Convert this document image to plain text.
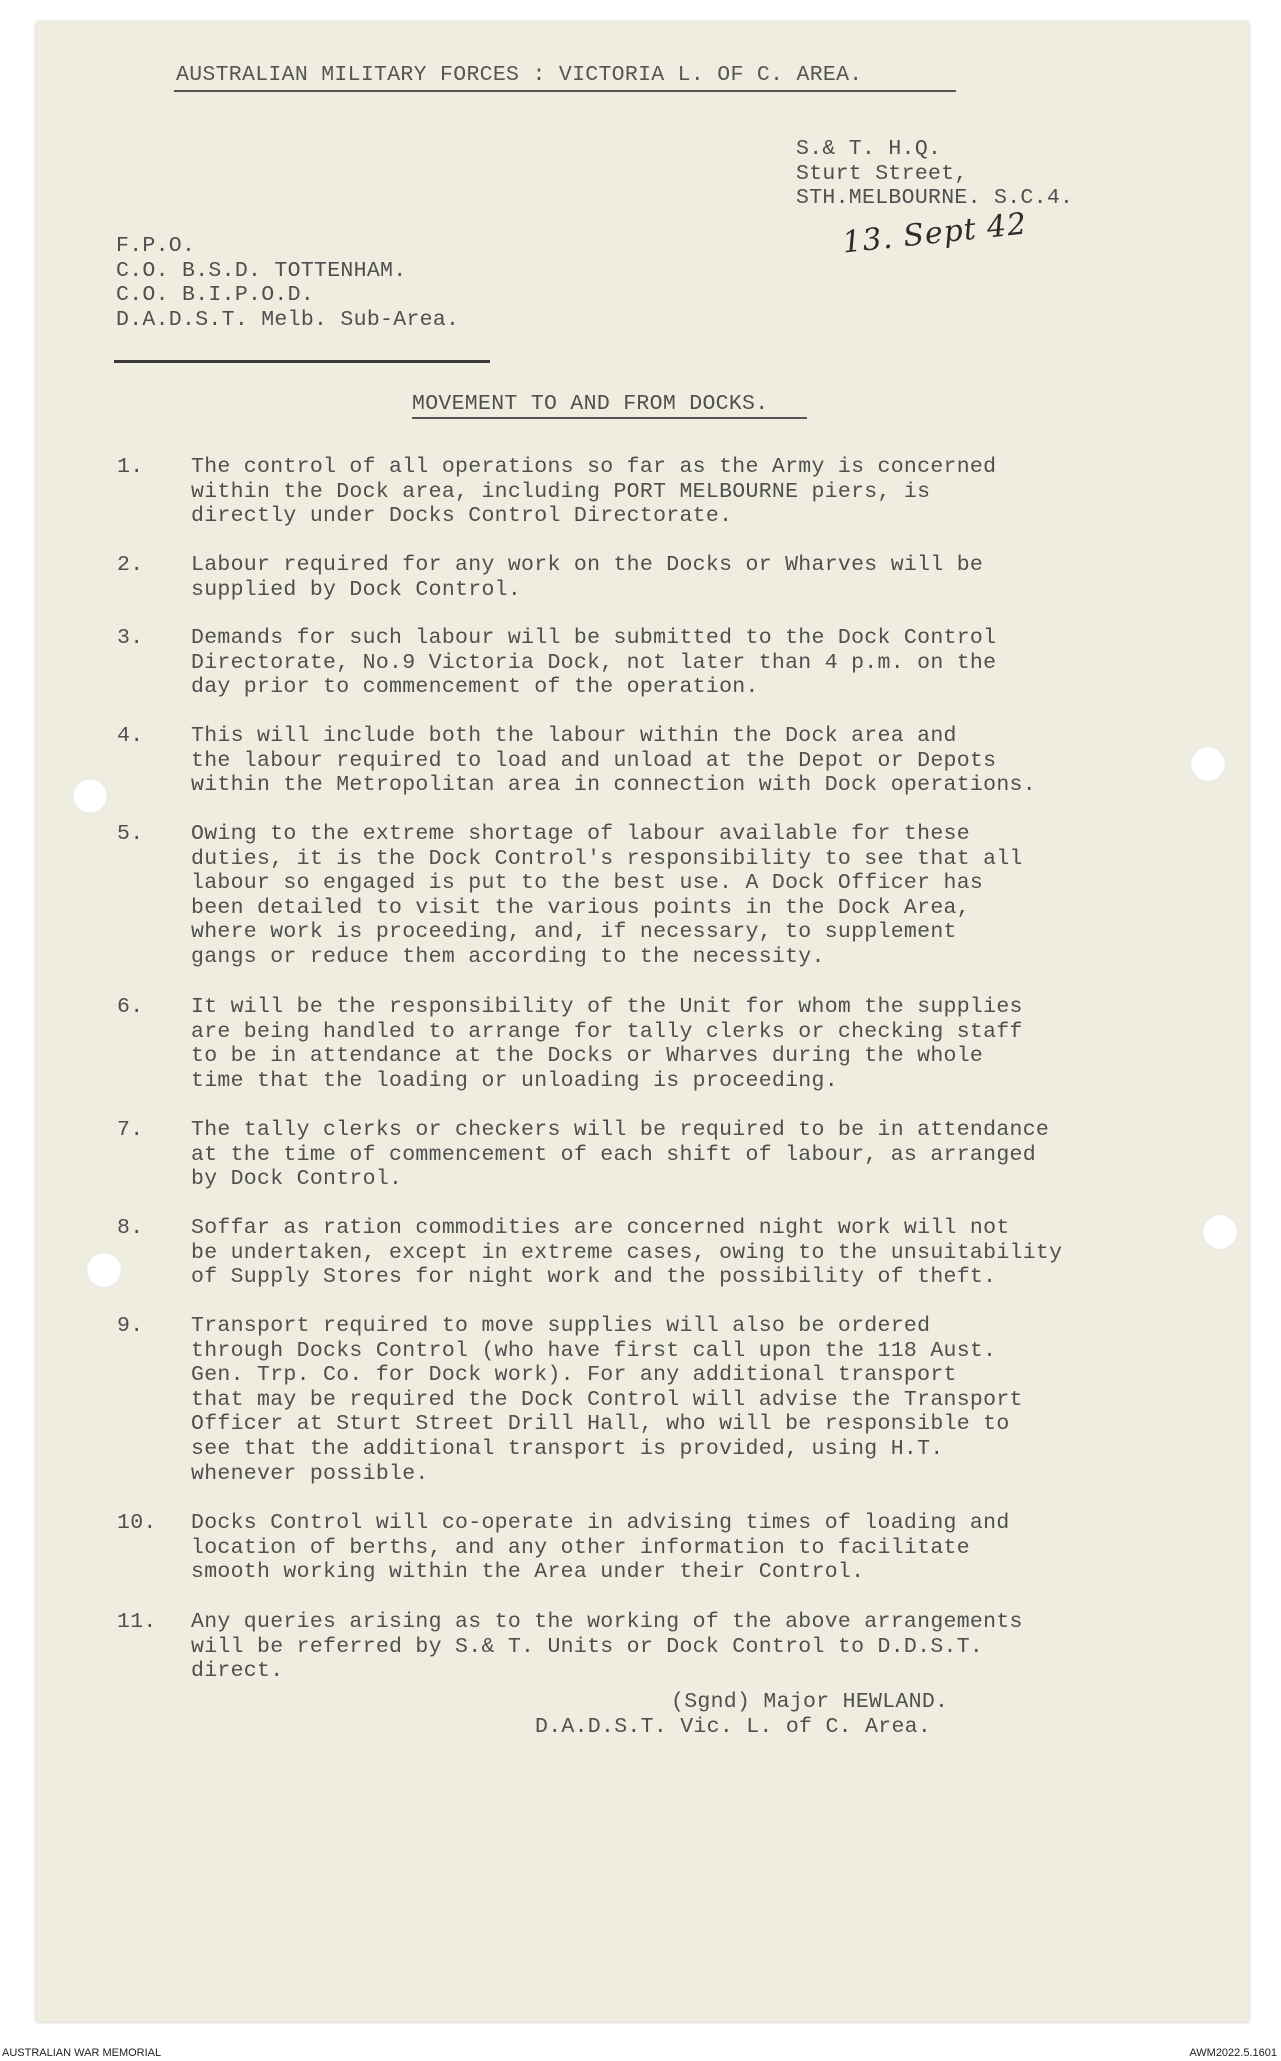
AUSTRALIAN MILITARY FORCES : VICTORIA L. OF C. AREA.
S.& T. H.Q.
Sturt Street,
STH.MELBOURNE. S.C.4.
13. Sept 42
F.P.O.
C.O. B.S.D. TOTTENHAM.
C.O. B.I.P.O.D.
D.A.D.S.T. Melb. Sub-Area.
MOVEMENT TO AND FROM DOCKS.
1. The control of all operations so far as the Army is concerned
within the Dock area, including PORT MELBOURNE piers, is
directly under Docks Control Directorate.
2. Labour required for any work on the Docks or Wharves will be
supplied by Dock Control.
3. Demands for such labour will be submitted to the Dock Control
Directorate, No.9 Victoria Dock, not later than 4 p.m. on the
day prior to commencement of the operation.
4. This will include both the labour within the Dock area and
the labour required to load and unload at the Depot or Depots
within the Metropolitan area in connection with Dock operations.
5. Owing to the extreme shortage of labour available for these
duties, it is the Dock Control's responsibility to see that all
labour so engaged is put to the best use. A Dock Officer has
been detailed to visit the various points in the Dock Area,
where work is proceeding, and, if necessary, to supplement
gangs or reduce them according to the necessity.
6. It will be the responsibility of the Unit for whom the supplies
are being handled to arrange for tally clerks or checking staff
to be in attendance at the Docks or Wharves during the whole
time that the loading or unloading is proceeding.
7. The tally clerks or checkers will be required to be in attendance
at the time of commencement of each shift of labour, as arranged
by Dock Control.
8. Soffar as ration commodities are concerned night work will not
be undertaken, except in extreme cases, owing to the unsuitability
of Supply Stores for night work and the possibility of theft.
9. Transport required to move supplies will also be ordered
through Docks Control (who have first call upon the 118 Aust.
Gen. Trp. Co. for Dock work). For any additional transport
that may be required the Dock Control will advise the Transport
Officer at Sturt Street Drill Hall, who will be responsible to
see that the additional transport is provided, using H.T.
whenever possible.
10. Docks Control will co-operate in advising times of loading and
location of berths, and any other information to facilitate
smooth working within the Area under their Control.
11. Any queries arising as to the working of the above arrangements
will be referred by S.& T. Units or Dock Control to D.D.S.T.
direct.
(Sgnd) Major HEWLAND.
D.A.D.S.T. Vic. L. of C. Area.
AUSTRALIAN WAR MEMORIAL	AWM2022.5.1601
